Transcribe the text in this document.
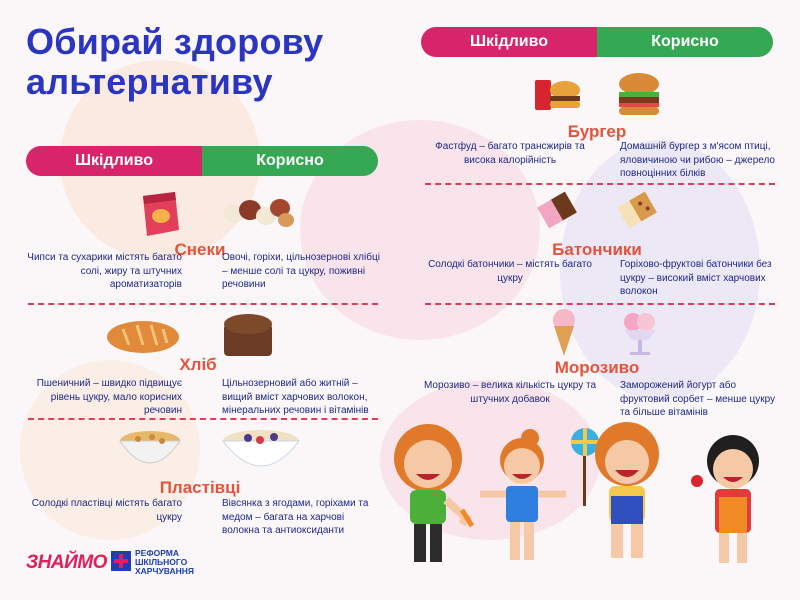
Обирай здорову
альтернативу
Шкідливо	Корисно
Шкідливо	Корисно
Снеки
Чипси та сухарики містять багато солі, жиру та штучних ароматизаторів
Овочі, горіхи, цільнозернові хлібці – менше солі та цукру, поживні речовини
Хліб
Пшеничний – швидко підвищує рівень цукру, мало корисних речовин
Цільнозерновий або житній – вищий вміст харчових волокон, мінеральних речовин і вітамінів
Пластівці
Солодкі пластівці містять багато цукру
Вівсянка з ягодами, горіхами та медом – багата на харчові волокна та антиоксиданти
Бургер
Фастфуд – багато трансжирів та висока калорійність
Домашній бургер з м'ясом птиці, яловичиною чи рибою – джерело повноцінних білків
Батончики
Солодкі батончики – містять багато цукру
Горіхово-фруктові батончики без цукру – високий вміст харчових волокон
Морозиво
Морозиво – велика кількість цукру та штучних добавок
Заморожений йогурт або фруктовий сорбет – менше цукру та більше вітамінів
ЗНАЙМО	РЕФОРМА
ШКІЛЬНОГО
ХАРЧУВАННЯ
